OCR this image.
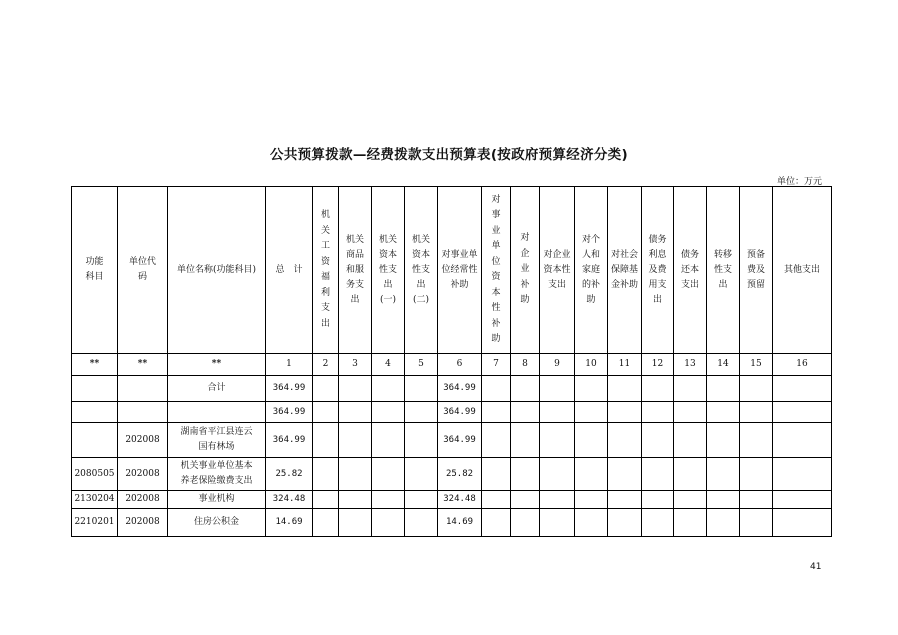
公共预算拨款—经费拨款支出预算表(按政府预算经济分类)
单位：万元
功能科目	单位代码	单位名称(功能科目)	总　计	机关工资福利支出	机关商品和服务支出	机关资本性支出(一)	机关资本性支出(二)	对事业单位经常性补助	对事业单位资本性补助	对企业补助	对企业资本性支出	对个人和家庭的补助	对社会保障基金补助	债务利息及费用支出	债务还本支出	转移性支出	预备费及预留	其他支出
**	**	**	1	2	3	4	5	6	7	8	9	10	11	12	13	14	15	16
		合计	364.99					364.99										
			364.99					364.99										
	202008	湖南省平江县连云国有林场	364.99					364.99										
2080505	202008	机关事业单位基本养老保险缴费支出	25.82					25.82										
2130204	202008	事业机构	324.48					324.48										
2210201	202008	住房公积金	14.69					14.69										
41
